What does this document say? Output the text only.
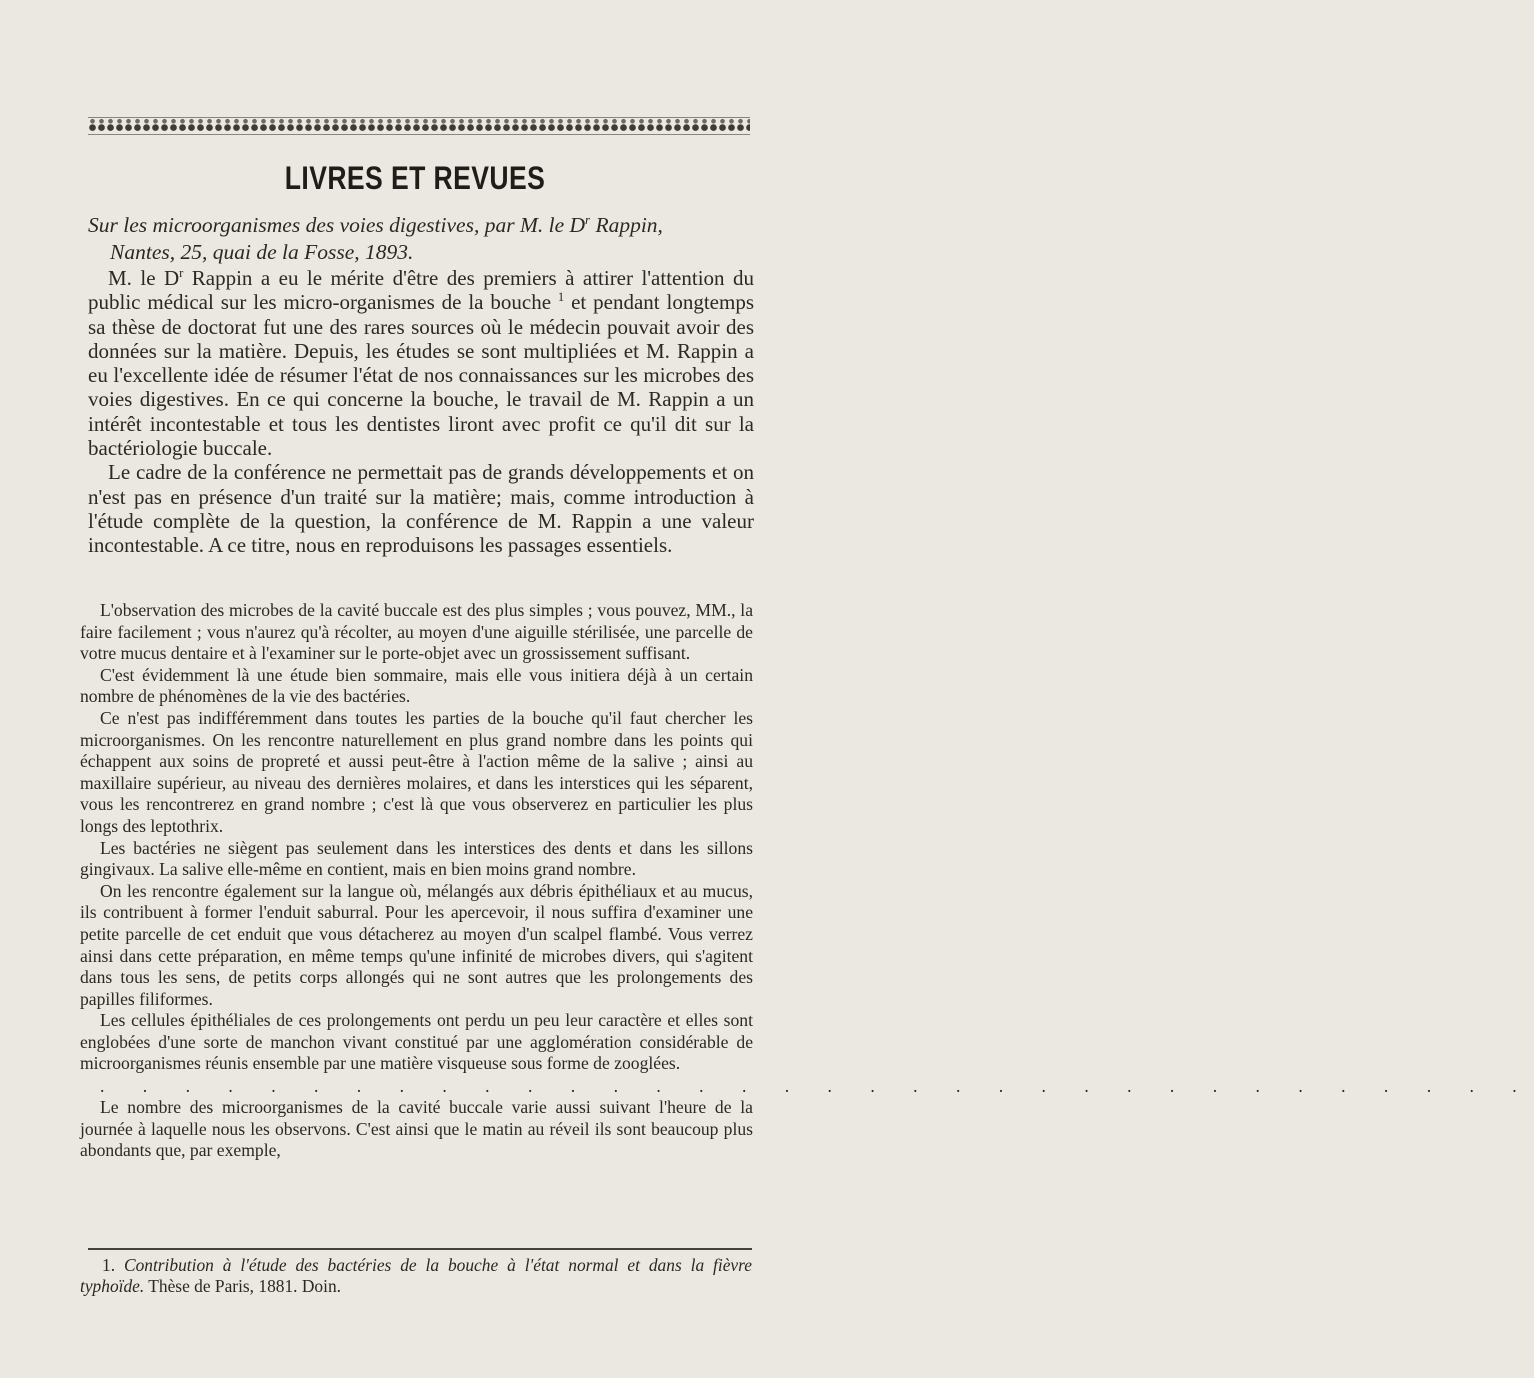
LIVRES ET REVUES
Sur les microorganismes des voies digestives, par M. le $D^r$ Rappin,
Nantes, 25, quai de la Fosse, 1893.

M. le $D^r$ Rappin a eu le mérite d'être des premiers à attirer l'attention du public médical sur les micro-organismes de la bouche $^1$ et pendant longtemps sa thèse de doctorat fut une des rares sources où le médecin pouvait avoir des données sur la matière. Depuis, les études se sont multipliées et M. Rappin a eu l'excellente idée de résumer l'état de nos connaissances sur les microbes des voies digestives. En ce qui concerne la bouche, le travail de M. Rappin a un intérêt incontestable et tous les dentistes liront avec profit ce qu'il dit sur la bactériologie buccale.

Le cadre de la conférence ne permettait pas de grands développements et on n'est pas en présence d'un traité sur la matière; mais, comme introduction à l'étude complète de la question, la conférence de M. Rappin a une valeur incontestable. A ce titre, nous en reproduisons les passages essentiels.

L'observation des microbes de la cavité buccale est des plus simples ; vous pouvez, MM., la faire facilement ; vous n'aurez qu'à récolter, au moyen d'une aiguille stérilisée, une parcelle de votre mucus dentaire et à l'examiner sur le porte-objet avec un grossissement suffisant.

C'est évidemment là une étude bien sommaire, mais elle vous initiera déjà à un certain nombre de phénomènes de la vie des bactéries.

Ce n'est pas indifféremment dans toutes les parties de la bouche qu'il faut chercher les microorganismes. On les rencontre naturellement en plus grand nombre dans les points qui échappent aux soins de propreté et aussi peut-être à l'action même de la salive ; ainsi au maxillaire supérieur, au niveau des dernières molaires, et dans les interstices qui les séparent, vous les rencontrerez en grand nombre ; c'est là que vous observerez en particulier les plus longs des leptothrix.

Les bactéries ne siègent pas seulement dans les interstices des dents et dans les sillons gingivaux. La salive elle-même en contient, mais en bien moins grand nombre.

On les rencontre également sur la langue où, mélangés aux débris épithéliaux et au mucus, ils contribuent à former l'enduit saburral. Pour les apercevoir, il nous suffira d'examiner une petite parcelle de cet enduit que vous détacherez au moyen d'un scalpel flambé. Vous verrez ainsi dans cette préparation, en même temps qu'une infinité de microbes divers, qui s'agitent dans tous les sens, de petits corps allongés qui ne sont autres que les prolongements des papilles filiformes.

Les cellules épithéliales de ces prolongements ont perdu un peu leur caractère et elles sont englobées d'une sorte de manchon vivant constitué par une agglomération considérable de microorganismes réunis ensemble par une matière visqueuse sous forme de zooglées.

. . . . . . . . . . . . . . . . . . . . . . . . . . . . . . . . . .

Le nombre des microorganismes de la cavité buccale varie aussi suivant l'heure de la journée à laquelle nous les observons. C'est ainsi que le matin au réveil ils sont beaucoup plus abondants que, par exemple,

1. Contribution à l'étude des bactéries de la bouche à l'état normal et dans la fièvre typhoïde. Thèse de Paris, 1881. Doin.
